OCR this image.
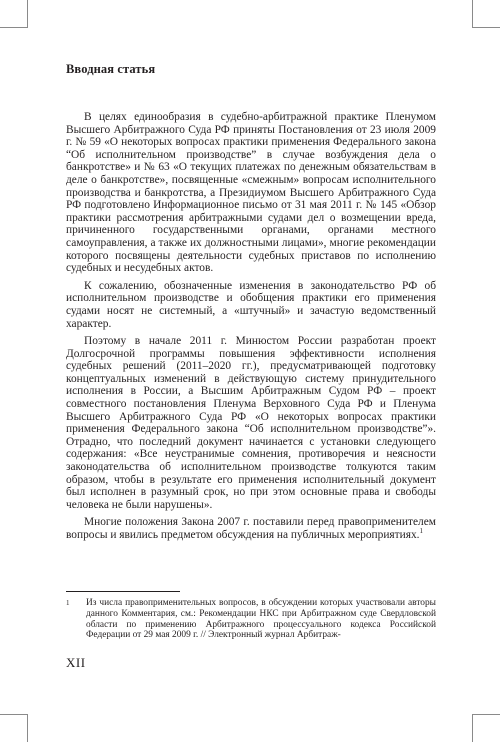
Вводная статья

В целях единообразия в судебно-арбитражной практике Пленумом Высшего Арбитражного Суда РФ приняты Постановления от 23 июля 2009 г. № 59 «О некоторых вопросах практики применения Федерального закона “Об исполнительном производстве” в случае возбуждения дела о банкротстве» и № 63 «О текущих платежах по денежным обязательствам в деле о банкротстве», посвященные «смежным» вопросам исполнительного производства и банкротства, а Президиумом Высшего Арбитражного Суда РФ подготовлено Информационное письмо от 31 мая 2011 г. № 145 «Обзор практики рассмотрения арбитражными судами дел о возмещении вреда, причиненного государственными органами, органами местного самоуправления, а также их должностными лицами», многие рекомендации которого посвящены деятельности судебных приставов по исполнению судебных и несудебных актов.

К сожалению, обозначенные изменения в законодательство РФ об исполнительном производстве и обобщения практики его применения судами носят не системный, а «штучный» и зачастую ведомственный характер.

Поэтому в начале 2011 г. Минюстом России разработан проект Долгосрочной программы повышения эффективности исполнения судебных решений (2011–2020 гг.), предусматривающей подготовку концептуальных изменений в действующую систему принудительного исполнения в России, а Высшим Арбитражным Судом РФ – проект совместного постановления Пленума Верховного Суда РФ и Пленума Высшего Арбитражного Суда РФ «О некоторых вопросах практики применения Федерального закона “Об исполнительном производстве”». Отрадно, что последний документ начинается с установки следующего содержания: «Все неустранимые сомнения, противоречия и неясности законодательства об исполнительном производстве толкуются таким образом, чтобы в результате его применения исполнительный документ был исполнен в разумный срок, но при этом основные права и свободы человека не были нарушены».

Многие положения Закона 2007 г. поставили перед правоприменителем вопросы и явились предметом обсуждения на публичных мероприятиях.$^1$

1 Из числа правоприменительных вопросов, в обсуждении которых участвовали авторы данного Комментария, см.: Рекомендации НКС при Арбитражном суде Свердловской области по применению Арбитражного процессуального кодекса Российской Федерации от 29 мая 2009 г. // Электронный журнал Арбитраж-
XII
